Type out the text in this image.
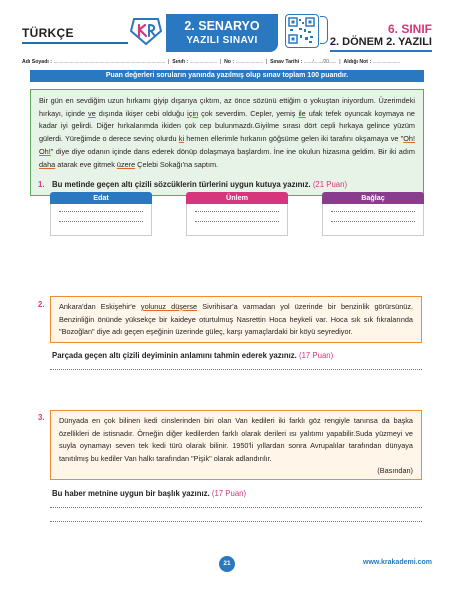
TÜRKÇE	2. SENARYO
YAZILI SINAVI
6. SINIF
2. DÖNEM 2. YAZILI
Adı Soyadı : ..........................................................................................  |  Sınıfı : ......................  |  No : ......................  |  Sınav Tarihi : ......./......./20......  |  Aldığı Not : ......................
Puan değerleri soruların yanında yazılmış olup sınav toplam 100 puandır.
Bir gün en sevdiğim uzun hırkamı giyip dışarıya çıktım, az önce sözünü ettiğim o yokuştan iniyordum. Üzerimdeki hırkayı, içinde ve dışında ikişer cebi olduğu için çok severdim. Cepler, yemiş ile ufak tefek oyuncak koymaya ne kadar iyi gelirdi. Diğer hırkalarımda ikiden çok cep bulunmazdı.Giyilme sırası dört cepli hırkaya gelince yüzüm gülerdi. Yüreğimde o derece sevinç olurdu ki hemen ellerimle hırkanın göğsüme gelen iki tarafını okşamaya ve "Oh! Oh!" diye diye odanın içinde dans ederek dönüp dolaşmaya başlardım. İne ine okulun hizasına geldim. Bir iki adım daha atarak eve gitmek üzere Çelebi Sokağı'na saptım.
1. Bu metinde geçen altı çizili sözcüklerin türlerini uygun kutuya yazınız. (21 Puan)
Edat	Ünlem	Bağlaç
2.	Ankara'dan Eskişehir'e yolunuz düşerse Sivrihisar'a varmadan yol üzerinde bir benzinlik görürsünüz. Benzinliğin önünde yüksekçe bir kaideye oturtulmuş Nasrettin Hoca heykeli var. Hoca sık sık fıkralarında "Bozoğlan" diye adı geçen eşeğinin üzerinde güleç, karşı yamaçlardaki bir köyü seyrediyor.
Parçada geçen altı çizili deyiminin anlamını tahmin ederek yazınız. (17 Puan)
3.	Dünyada en çok bilinen kedi cinslerinden biri olan Van kedileri iki farklı göz rengiyle tanınsa da başka özellikleri de istisnadır. Örneğin diğer kedilerden farklı olarak derileri ısı yalıtımı yapabilir.Suda yüzmeyi ve suyla oynamayı seven tek kedi türü olarak bilinir. 1950'li yıllardan sonra Avrupalılar tarafından dünyaya tanıtılmış bu kediler Van halkı tarafından "Pişik" olarak adlandırılır.
(Basından)
Bu haber metnine uygun bir başlık yazınız. (17 Puan)
21	www.krakademi.com
